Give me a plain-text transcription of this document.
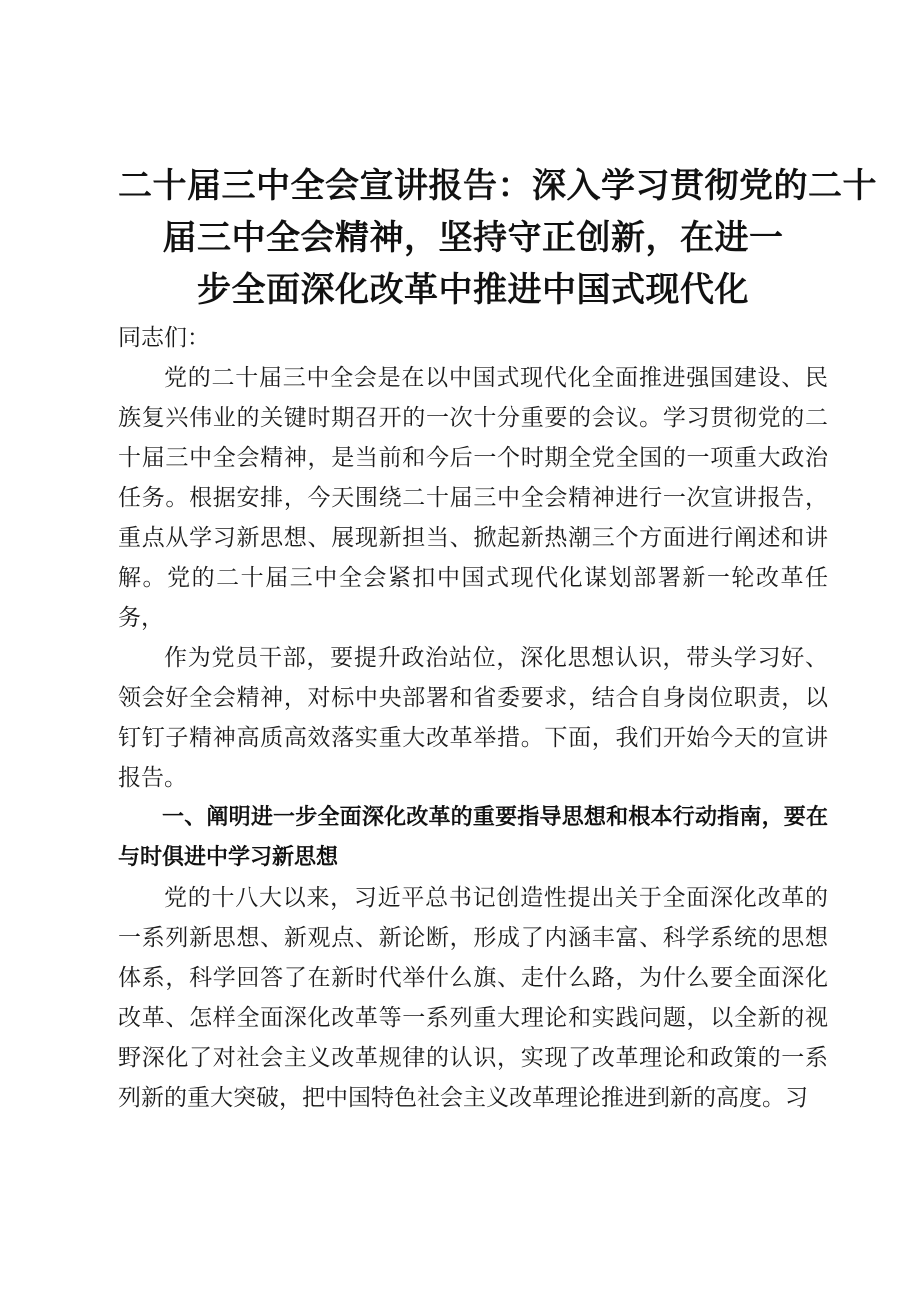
二十届三中全会宣讲报告：深入学习贯彻党的二十
届三中全会精神，坚持守正创新，在进一
步全面深化改革中推进中国式现代化

同志们：

党的二十届三中全会是在以中国式现代化全面推进强国建设、民族复兴伟业的关键时期召开的一次十分重要的会议。学习贯彻党的二十届三中全会精神，是当前和今后一个时期全党全国的一项重大政治任务。根据安排，今天围绕二十届三中全会精神进行一次宣讲报告，重点从学习新思想、展现新担当、掀起新热潮三个方面进行阐述和讲解。党的二十届三中全会紧扣中国式现代化谋划部署新一轮改革任务，

作为党员干部，要提升政治站位，深化思想认识，带头学习好、领会好全会精神，对标中央部署和省委要求，结合自身岗位职责，以钉钉子精神高质高效落实重大改革举措。下面，我们开始今天的宣讲报告。

一、阐明进一步全面深化改革的重要指导思想和根本行动指南，要在与时俱进中学习新思想

党的十八大以来，习近平总书记创造性提出关于全面深化改革的一系列新思想、新观点、新论断，形成了内涵丰富、科学系统的思想体系，科学回答了在新时代举什么旗、走什么路，为什么要全面深化改革、怎样全面深化改革等一系列重大理论和实践问题，以全新的视野深化了对社会主义改革规律的认识，实现了改革理论和政策的一系列新的重大突破，把中国特色社会主义改革理论推进到新的高度。习
